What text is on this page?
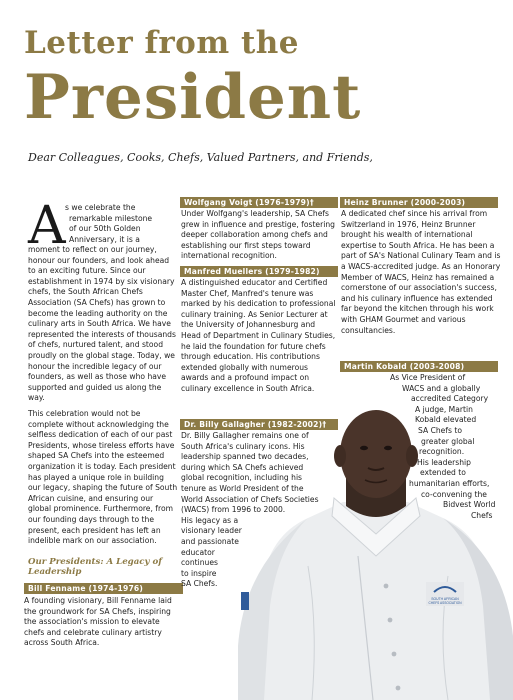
Letter from the
President
Dear Colleagues, Cooks, Chefs, Valued Partners, and Friends,
SOUTH AFRICAN
CHEFS ASSOCIATION
A s we celebrate the
remarkable milestone
of our 50th Golden
Anniversary, it is a
moment to reflect on our journey, honour our founders, and look ahead to an exciting future. Since our establishment in 1974 by six visionary chefs, the South African Chefs Association (SA Chefs) has grown to become the leading authority on the culinary arts in South Africa. We have represented the interests of thousands of chefs, nurtured talent, and stood proudly on the global stage. Today, we honour the incredible legacy of our founders, as well as those who have supported and guided us along the way.
This celebration would not be complete without acknowledging the selfless dedication of each of our past Presidents, whose tireless efforts have shaped SA Chefs into the esteemed organization it is today. Each president has played a unique role in building our legacy, shaping the future of South African cuisine, and ensuring our global prominence. Furthermore, from our founding days through to the present, each president has left an indelible mark on our association.
Our Presidents: A Legacy of Leadership
Bill Fenname (1974-1976)
A founding visionary, Bill Fenname laid the groundwork for SA Chefs, inspiring the association's mission to elevate chefs and celebrate culinary artistry across South Africa.
Wolfgang Voigt (1976-1979)†
Under Wolfgang's leadership, SA Chefs grew in influence and prestige, fostering deeper collaboration among chefs and establishing our first steps toward international recognition.
Manfred Muellers (1979-1982)
A distinguished educator and Certified Master Chef, Manfred's tenure was marked by his dedication to professional culinary training. As Senior Lecturer at the University of Johannesburg and Head of Department in Culinary Studies, he laid the foundation for future chefs through education. His contributions extended globally with numerous awards and a profound impact on culinary excellence in South Africa.
Dr. Billy Gallagher (1982-2002)†
Dr. Billy Gallagher remains one of
South Africa's culinary icons. His
leadership spanned two decades,
during which SA Chefs achieved
global recognition, including his
tenure as World President of the
World Association of Chefs Societies
(WACS) from 1996 to 2000.
His legacy as a
visionary leader
and passionate
educator
continues
to inspire
SA Chefs.
Heinz Brunner (2000-2003)
A dedicated chef since his arrival from Switzerland in 1976, Heinz Brunner brought his wealth of international expertise to South Africa. He has been a part of SA's National Culinary Team and is a WACS-accredited judge. As an Honorary Member of WACS, Heinz has remained a cornerstone of our association's success, and his culinary influence has extended far beyond the kitchen through his work with GHAM Gourmet and various consultancies.
Martin Kobald (2003-2008)
As Vice President of
WACS and a globally
accredited Category
A judge, Martin
Kobald elevated
SA Chefs to
greater global
recognition.
His leadership
extended to
humanitarian efforts,
co-convening the
Bidvest World
Chefs
